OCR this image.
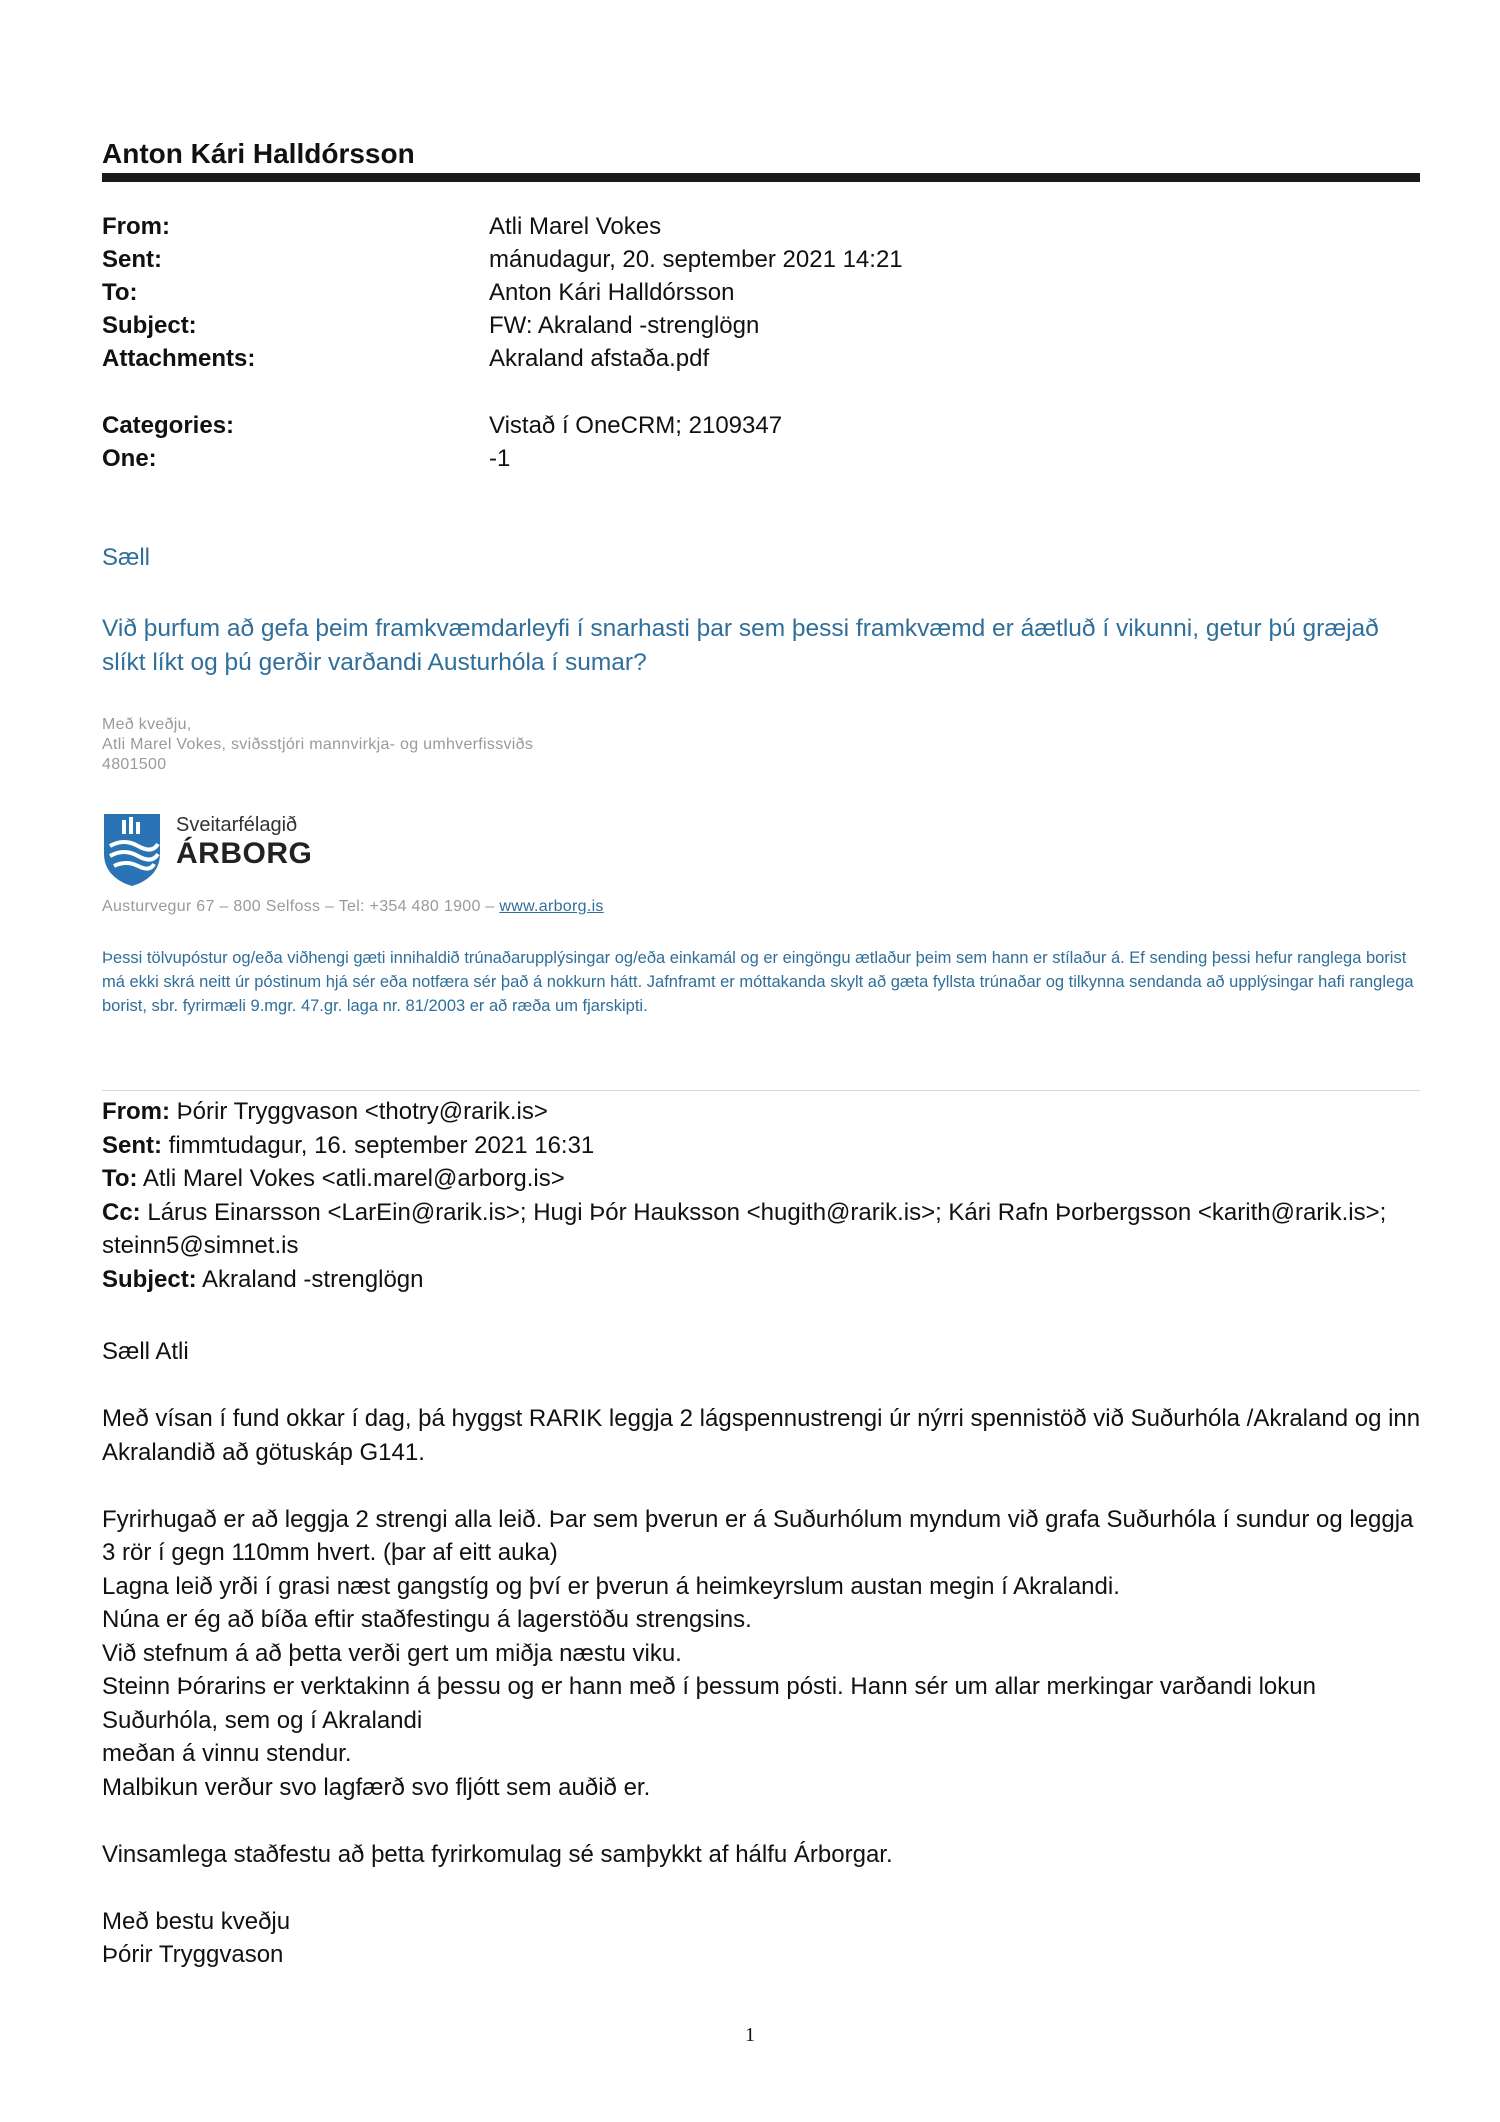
Anton Kári Halldórsson
From:	Atli Marel Vokes
Sent:	mánudagur, 20. september 2021 14:21
To:	Anton Kári Halldórsson
Subject:	FW: Akraland -strenglögn
Attachments:	Akraland afstaða.pdf
Categories:	Vistað í OneCRM; 2109347
One:	-1
Sæll
Við þurfum að gefa þeim framkvæmdarleyfi í snarhasti þar sem þessi framkvæmd er áætluð í vikunni, getur þú græjað slíkt líkt og þú gerðir varðandi Austurhóla í sumar?
Með kveðju,
Atli Marel Vokes, sviðsstjóri mannvirkja- og umhverfissviðs
4801500
Sveitarfélagið
ÁRBORG
Austurvegur 67 – 800 Selfoss – Tel: +354 480 1900 – www.arborg.is
Þessi tölvupóstur og/eða viðhengi gæti innihaldið trúnaðarupplýsingar og/eða einkamál og er eingöngu ætlaður þeim sem hann er stílaður á. Ef sending þessi hefur ranglega borist má ekki skrá neitt úr póstinum hjá sér eða notfæra sér það á nokkurn hátt. Jafnframt er móttakanda skylt að gæta fyllsta trúnaðar og tilkynna sendanda að upplýsingar hafi ranglega borist, sbr. fyrirmæli 9.mgr. 47.gr. laga nr. 81/2003 er að ræða um fjarskipti.
From: Þórir Tryggvason <thotry@rarik.is>
Sent: fimmtudagur, 16. september 2021 16:31
To: Atli Marel Vokes <atli.marel@arborg.is>
Cc: Lárus Einarsson <LarEin@rarik.is>; Hugi Þór Hauksson <hugith@rarik.is>; Kári Rafn Þorbergsson <karith@rarik.is>; steinn5@simnet.is
Subject: Akraland -strenglögn

Sæll Atli

Með vísan í fund okkar í dag, þá hyggst RARIK leggja 2 lágspennustrengi úr nýrri spennistöð við Suðurhóla /Akraland og inn Akralandið að götuskáp G141.

Fyrirhugað er að leggja 2 strengi alla leið. Þar sem þverun er á Suðurhólum myndum við grafa Suðurhóla í sundur og leggja 3 rör í gegn 110mm hvert. (þar af eitt auka)

Lagna leið yrði í grasi næst gangstíg og því er þverun á heimkeyrslum austan megin í Akralandi.

Núna er ég að bíða eftir staðfestingu á lagerstöðu strengsins.

Við stefnum á að þetta verði gert um miðja næstu viku.

Steinn Þórarins er verktakinn á þessu og er hann með í þessum pósti. Hann sér um allar merkingar varðandi lokun Suðurhóla, sem og í Akralandi

meðan á vinnu stendur.

Malbikun verður svo lagfærð svo fljótt sem auðið er.

Vinsamlega staðfestu að þetta fyrirkomulag sé samþykkt af hálfu Árborgar.

Með bestu kveðju

Þórir Tryggvason

1
